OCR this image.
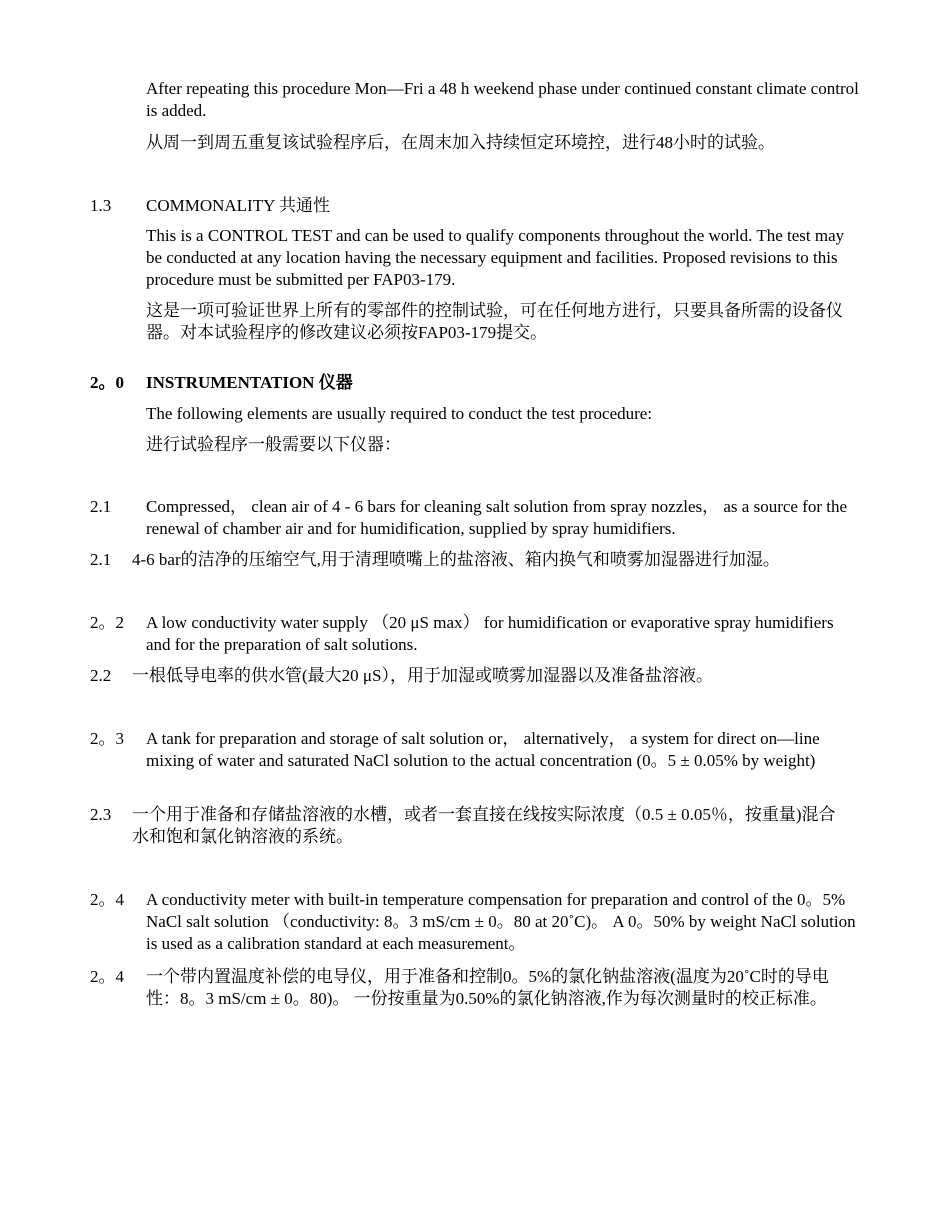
After repeating this procedure Mon—Fri a 48 h weekend phase under continued constant climate control is added.
从周一到周五重复该试验程序后，在周末加入持续恒定环境控，进行48小时的试验。
1.3 COMMONALITY 共通性
This is a CONTROL TEST and can be used to qualify components throughout the world. The test may be conducted at any location having the necessary equipment and facilities. Proposed revisions to this procedure must be submitted per FAP03-179.
这是一项可验证世界上所有的零部件的控制试验，可在任何地方进行，只要具备所需的设备仪器。对本试验程序的修改建议必须按FAP03-179提交。
2。0 INSTRUMENTATION 仪器
The following elements are usually required to conduct the test procedure:
进行试验程序一般需要以下仪器：
2.1 Compressed， clean air of 4 - 6 bars for cleaning salt solution from spray nozzles， as a source for the renewal of chamber air and for humidification, supplied by spray humidifiers.
2.1 4-6 bar的洁净的压缩空气,用于清理喷嘴上的盐溶液、箱内换气和喷雾加湿器进行加湿。
2。2 A low conductivity water supply （20 μS max） for humidification or evaporative spray humidifiers and for the preparation of salt solutions.
2.2 一根低导电率的供水管(最大20 μS），用于加湿或喷雾加湿器以及准备盐溶液。
2。3 A tank for preparation and storage of salt solution or， alternatively， a system for direct on—line mixing of water and saturated NaCl solution to the actual concentration (0。5 ± 0.05% by weight)
2.3 一个用于准备和存储盐溶液的水槽，或者一套直接在线按实际浓度（0.5 ± 0.05％，按重量)混合水和饱和氯化钠溶液的系统。
2。4 A conductivity meter with built-in temperature compensation for preparation and control of the 0。5% NaCl salt solution （conductivity: 8。3 mS/cm ± 0。80 at 20˚C)。 A 0。50% by weight NaCl solution is used as a calibration standard at each measurement。
2。4 一个带内置温度补偿的电导仪，用于准备和控制0。5%的氯化钠盐溶液(温度为20˚C时的导电性：8。3 mS/cm ± 0。80)。 一份按重量为0.50%的氯化钠溶液,作为每次测量时的校正标准。
